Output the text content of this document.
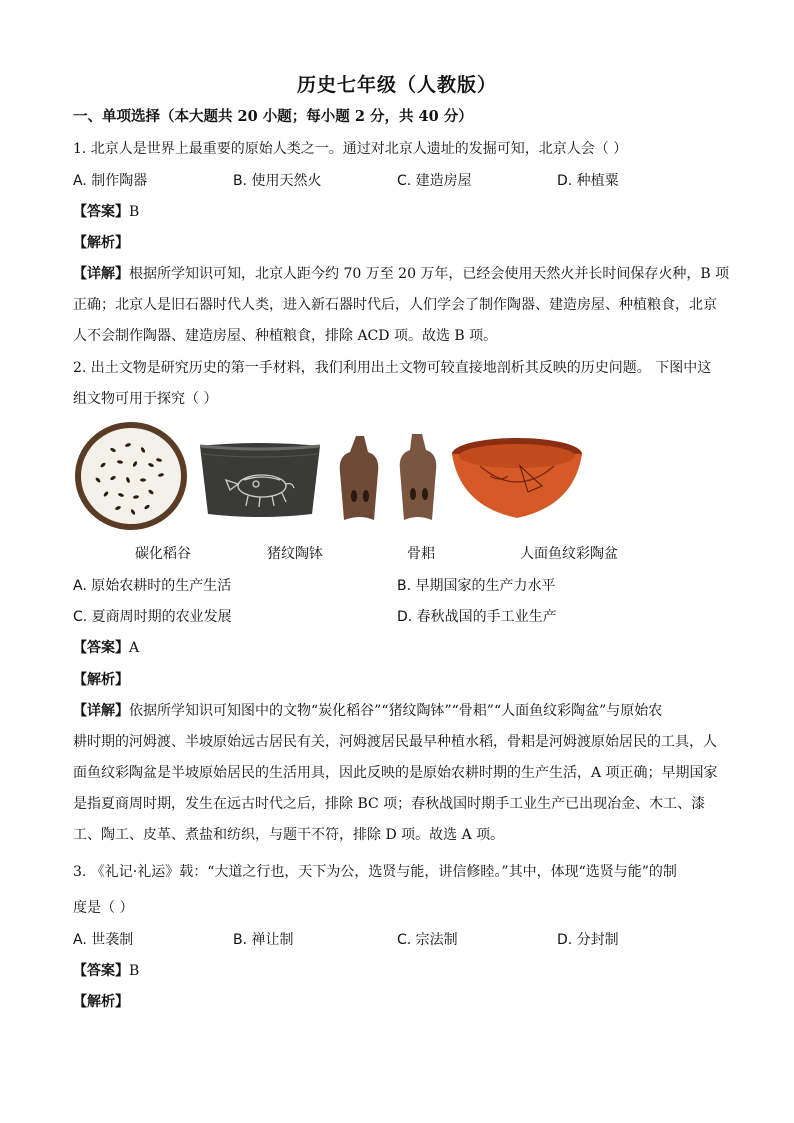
历史七年级（人教版）
一、单项选择（本大题共 20 小题；每小题 2 分，共 40 分）
1. 北京人是世界上最重要的原始人类之一。通过对北京人遗址的发掘可知，北京人会（ ）
A. 制作陶器	B. 使用天然火	C. 建造房屋	D. 种植粟
【答案】B
【解析】
【详解】根据所学知识可知，北京人距今约 70 万至 20 万年，已经会使用天然火并长时间保存火种，B 项
正确；北京人是旧石器时代人类，进入新石器时代后，人们学会了制作陶器、建造房屋、种植粮食，北京
人不会制作陶器、建造房屋、种植粮食，排除 ACD 项。故选 B 项。
2. 出土文物是研究历史的第一手材料，我们利用出土文物可较直接地剖析其反映的历史问题。 下图中这
组文物可用于探究（ ）
碳化稻谷	猪纹陶钵	骨耜	人面鱼纹彩陶盆
A. 原始农耕时的生产生活	B. 早期国家的生产力水平
C. 夏商周时期的农业发展	D. 春秋战国的手工业生产
【答案】A
【解析】
【详解】依据所学知识可知图中的文物“炭化稻谷”“猪纹陶钵”“骨耜”“人面鱼纹彩陶盆”与原始农
耕时期的河姆渡、半坡原始远古居民有关，河姆渡居民最早种植水稻，骨耜是河姆渡原始居民的工具，人
面鱼纹彩陶盆是半坡原始居民的生活用具，因此反映的是原始农耕时期的生产生活，A 项正确；早期国家
是指夏商周时期，发生在远古时代之后，排除 BC 项；春秋战国时期手工业生产已出现冶金、木工、漆
工、陶工、皮革、煮盐和纺织，与题干不符，排除 D 项。故选 A 项。
3. 《礼记·礼运》载：“大道之行也，天下为公，选贤与能，讲信修睦。”其中，体现“选贤与能”的制
度是（ ）
A. 世袭制	B. 禅让制	C. 宗法制	D. 分封制
【答案】B
【解析】
